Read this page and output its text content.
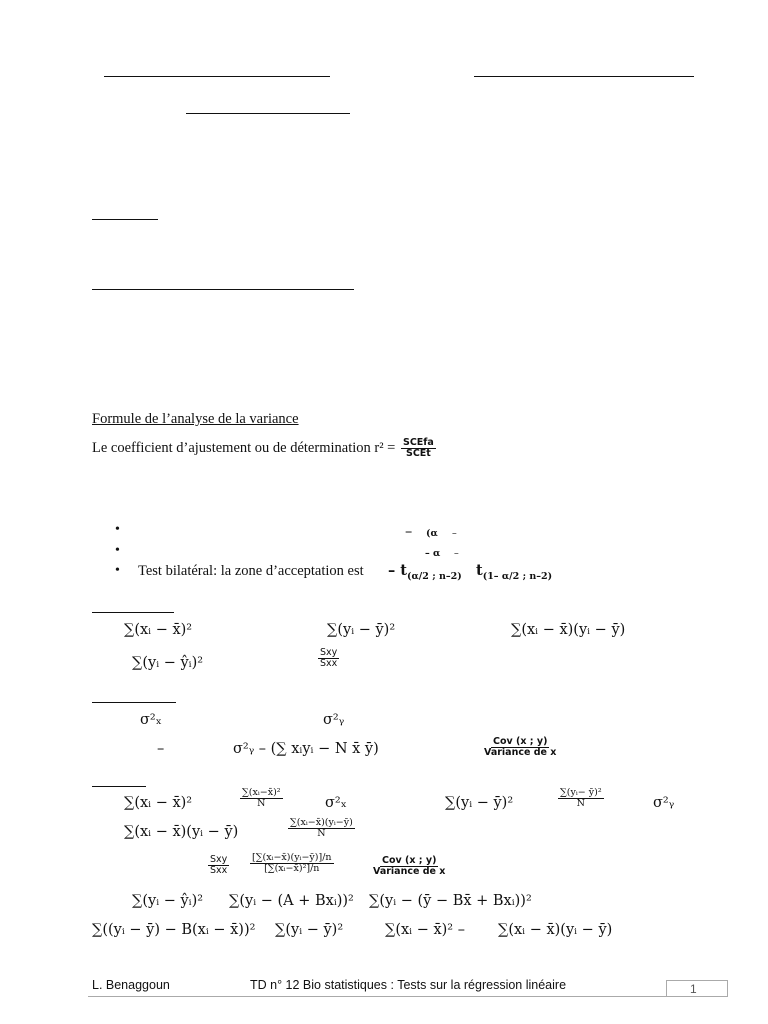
Formule de l’analyse de la variance
Le coefficient d’ajustement ou de détermination $r^2 = \frac{\text{SCEfa}}{\text{SCEt}}$
•	– (α –
•	– α –
• Test bilatéral: la zone d’acceptation est – $t_{(\alpha/2 ; n-2)}$ $t_{(1- \alpha/2 ; n-2)}$
∑(xᵢ − x̄)²	∑(yᵢ − ȳ)²	∑(xᵢ − x̄)(yᵢ − ȳ)
∑(yᵢ − ŷᵢ)²
Sxy
Sxx
σ²ₓ	σ²ᵧ
–	σ²ᵧ – (∑ xᵢyᵢ − N x̄ ȳ)	Cov (x ; y)
Variance de x
∑(xᵢ − x̄)²	$\frac{\text{∑(xᵢ−x̄)²}}{N}$	σ²ₓ	∑(yᵢ − ȳ)²	$\frac{\text{∑(yᵢ− ȳ)²}}{N}$	σ²ᵧ
∑(xᵢ − x̄)(yᵢ − ȳ)	$\frac{\text{∑(xᵢ−x̄)(yᵢ−ȳ)}}{N}$
Sxy
Sxx $\frac{\text{[∑(xᵢ−x̄)(yᵢ−ȳ)]/n}}{\text{[∑(xᵢ−x̄)²]/n}}$	Cov (x ; y)
Variance de x
∑(yᵢ − ŷᵢ)² ∑(yᵢ − (A + Bxᵢ))² ∑(yᵢ − (ȳ − Bx̄ + Bxᵢ))²
∑((yᵢ − ȳ) − B(xᵢ − x̄))² ∑(yᵢ − ȳ)²	∑(xᵢ − x̄)² – ∑(xᵢ − x̄)(yᵢ − ȳ)
L. Benaggoun	TD n° 12 Bio statistiques : Tests sur la régression linéaire	1
